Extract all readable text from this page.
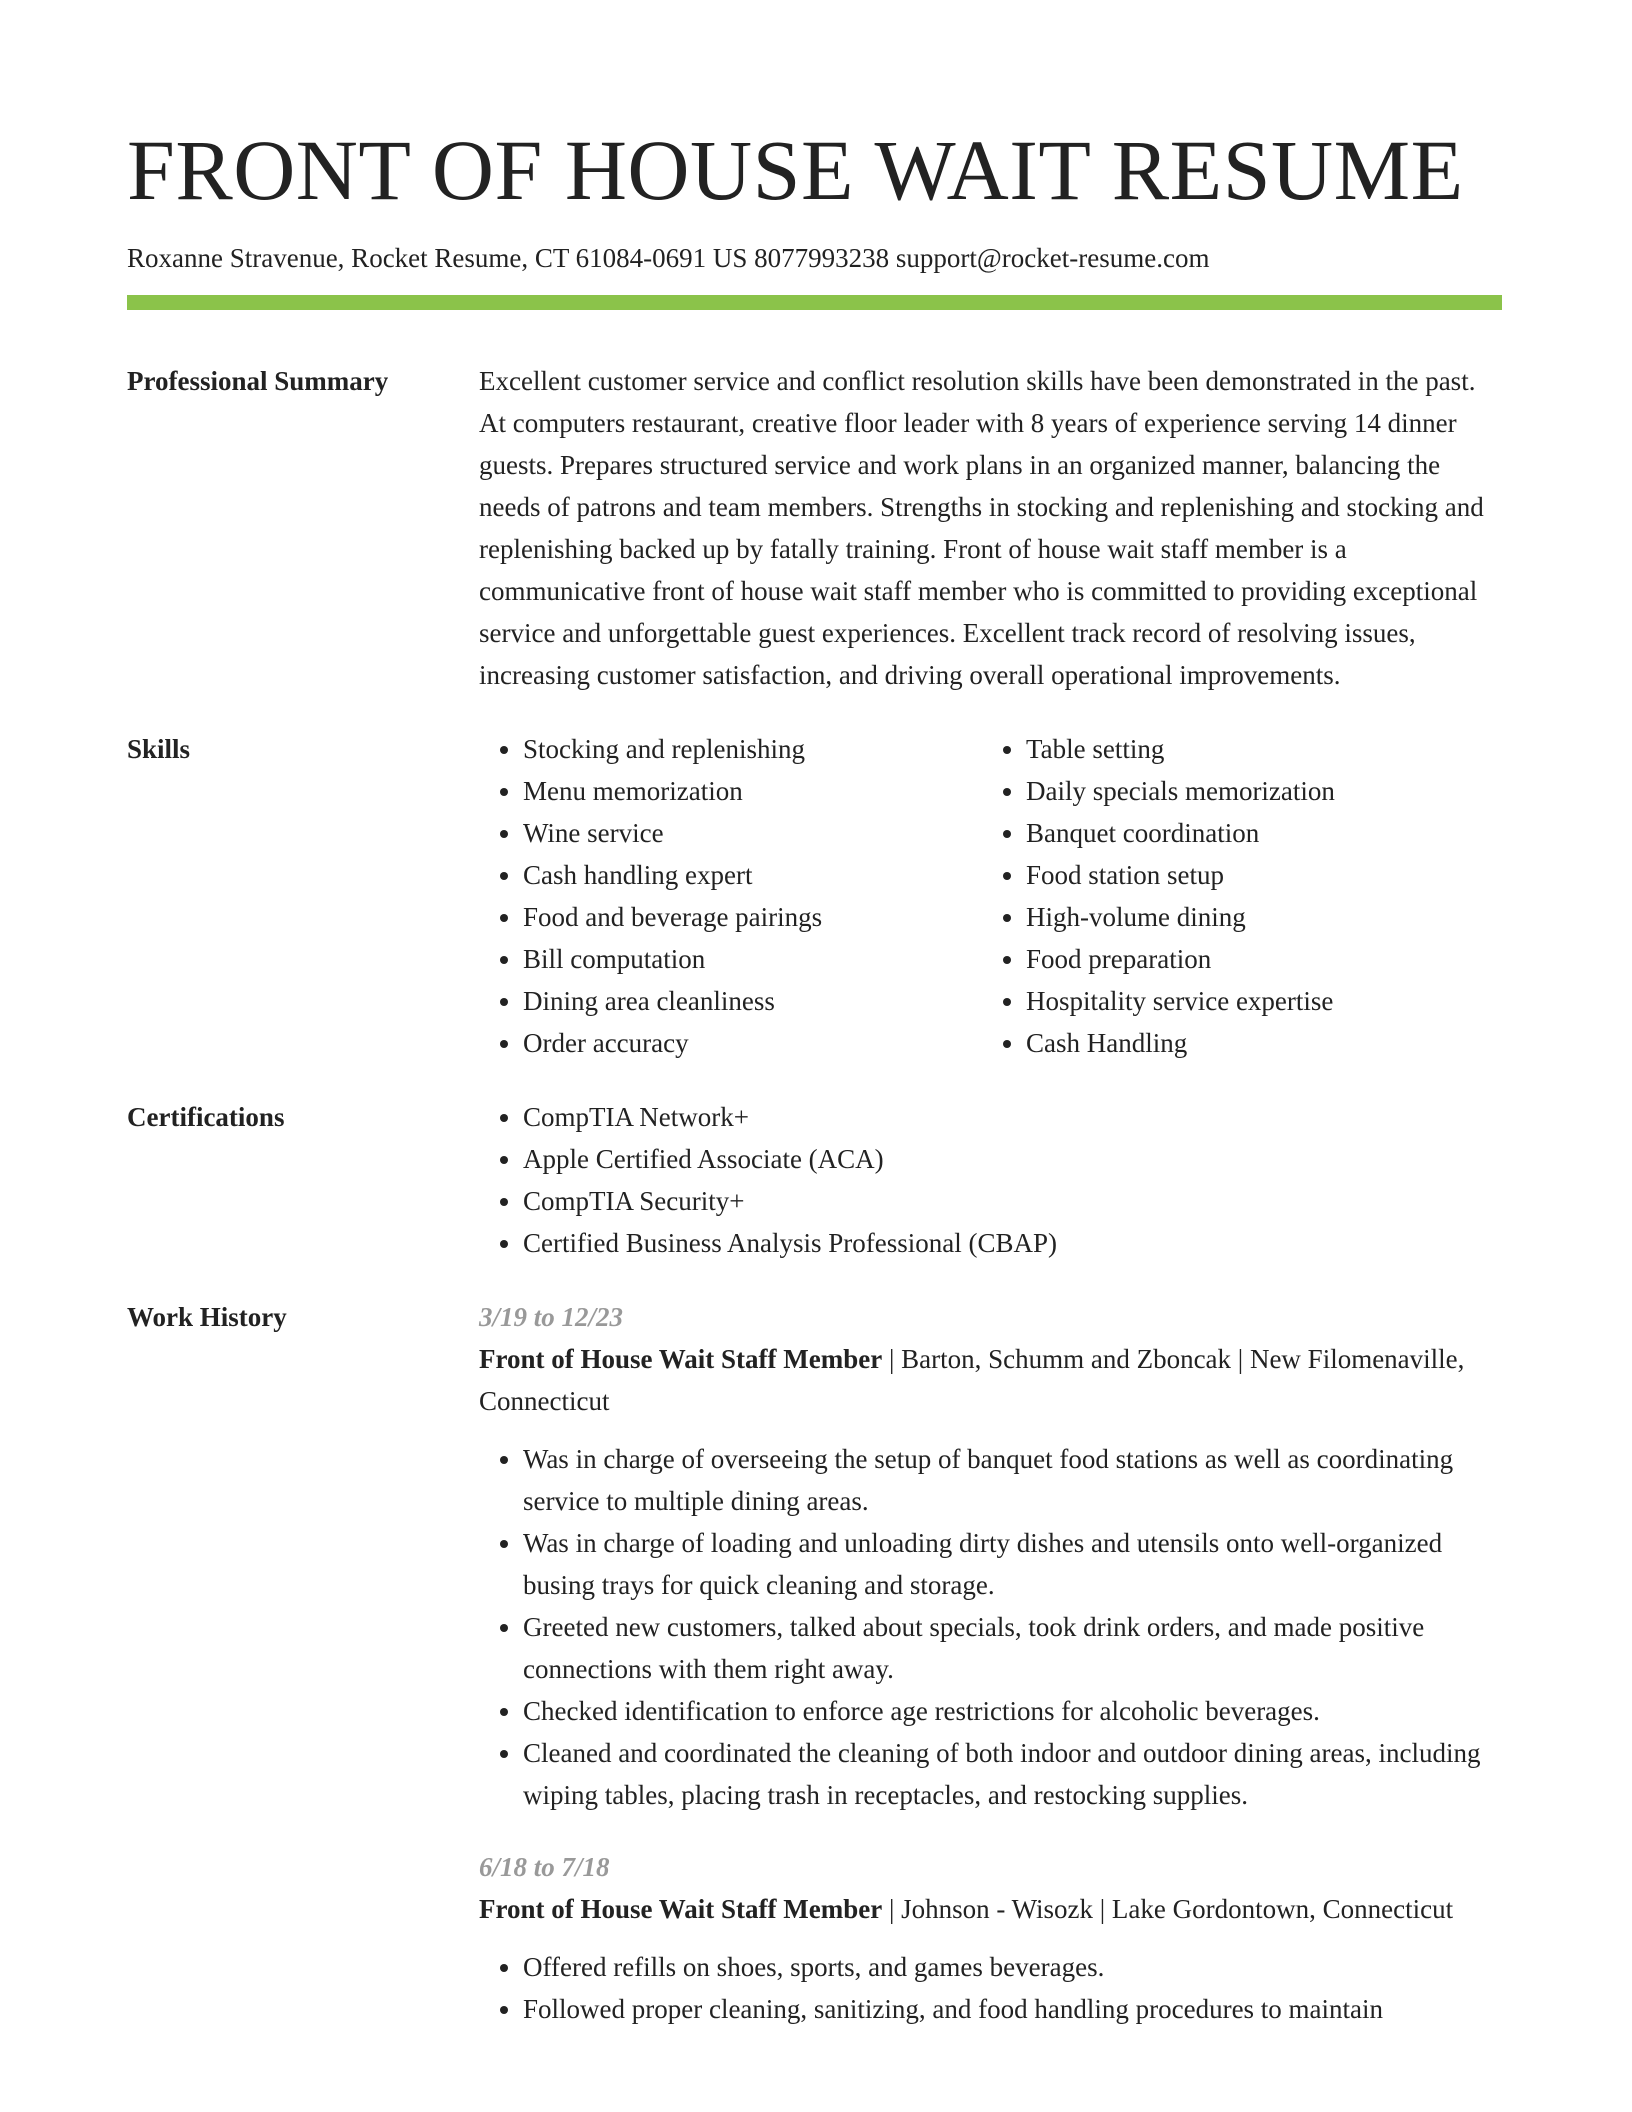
FRONT OF HOUSE WAIT RESUME
Roxanne Stravenue, Rocket Resume, CT 61084-0691 US 8077993238 support@rocket-resume.com
Professional Summary	Excellent customer service and conflict resolution skills have been demonstrated in the past. At computers restaurant, creative floor leader with 8 years of experience serving 14 dinner guests. Prepares structured service and work plans in an organized manner, balancing the needs of patrons and team members. Strengths in stocking and replenishing and stocking and replenishing backed up by fatally training. Front of house wait staff member is a communicative front of house wait staff member who is committed to providing exceptional service and unforgettable guest experiences. Excellent track record of resolving issues, increasing customer satisfaction, and driving overall operational improvements.

Skills	• Stocking and replenishing
• Menu memorization
• Wine service
• Cash handling expert
• Food and beverage pairings
• Bill computation
• Dining area cleanliness
• Order accuracy
• Table setting
• Daily specials memorization
• Banquet coordination
• Food station setup
• High-volume dining
• Food preparation
• Hospitality service expertise
• Cash Handling
Certifications	• CompTIA Network+
• Apple Certified Associate (ACA)
• CompTIA Security+
• Certified Business Analysis Professional (CBAP)
Work History	3/19 to 12/23
Front of House Wait Staff Member | Barton, Schumm and Zboncak | New Filomenaville, Connecticut
• Was in charge of overseeing the setup of banquet food stations as well as coordinating service to multiple dining areas.
• Was in charge of loading and unloading dirty dishes and utensils onto well-organized busing trays for quick cleaning and storage.
• Greeted new customers, talked about specials, took drink orders, and made positive connections with them right away.
• Checked identification to enforce age restrictions for alcoholic beverages.
• Cleaned and coordinated the cleaning of both indoor and outdoor dining areas, including wiping tables, placing trash in receptacles, and restocking supplies.
6/18 to 7/18
Front of House Wait Staff Member | Johnson - Wisozk | Lake Gordontown, Connecticut
• Offered refills on shoes, sports, and games beverages.
• Followed proper cleaning, sanitizing, and food handling procedures to maintain
